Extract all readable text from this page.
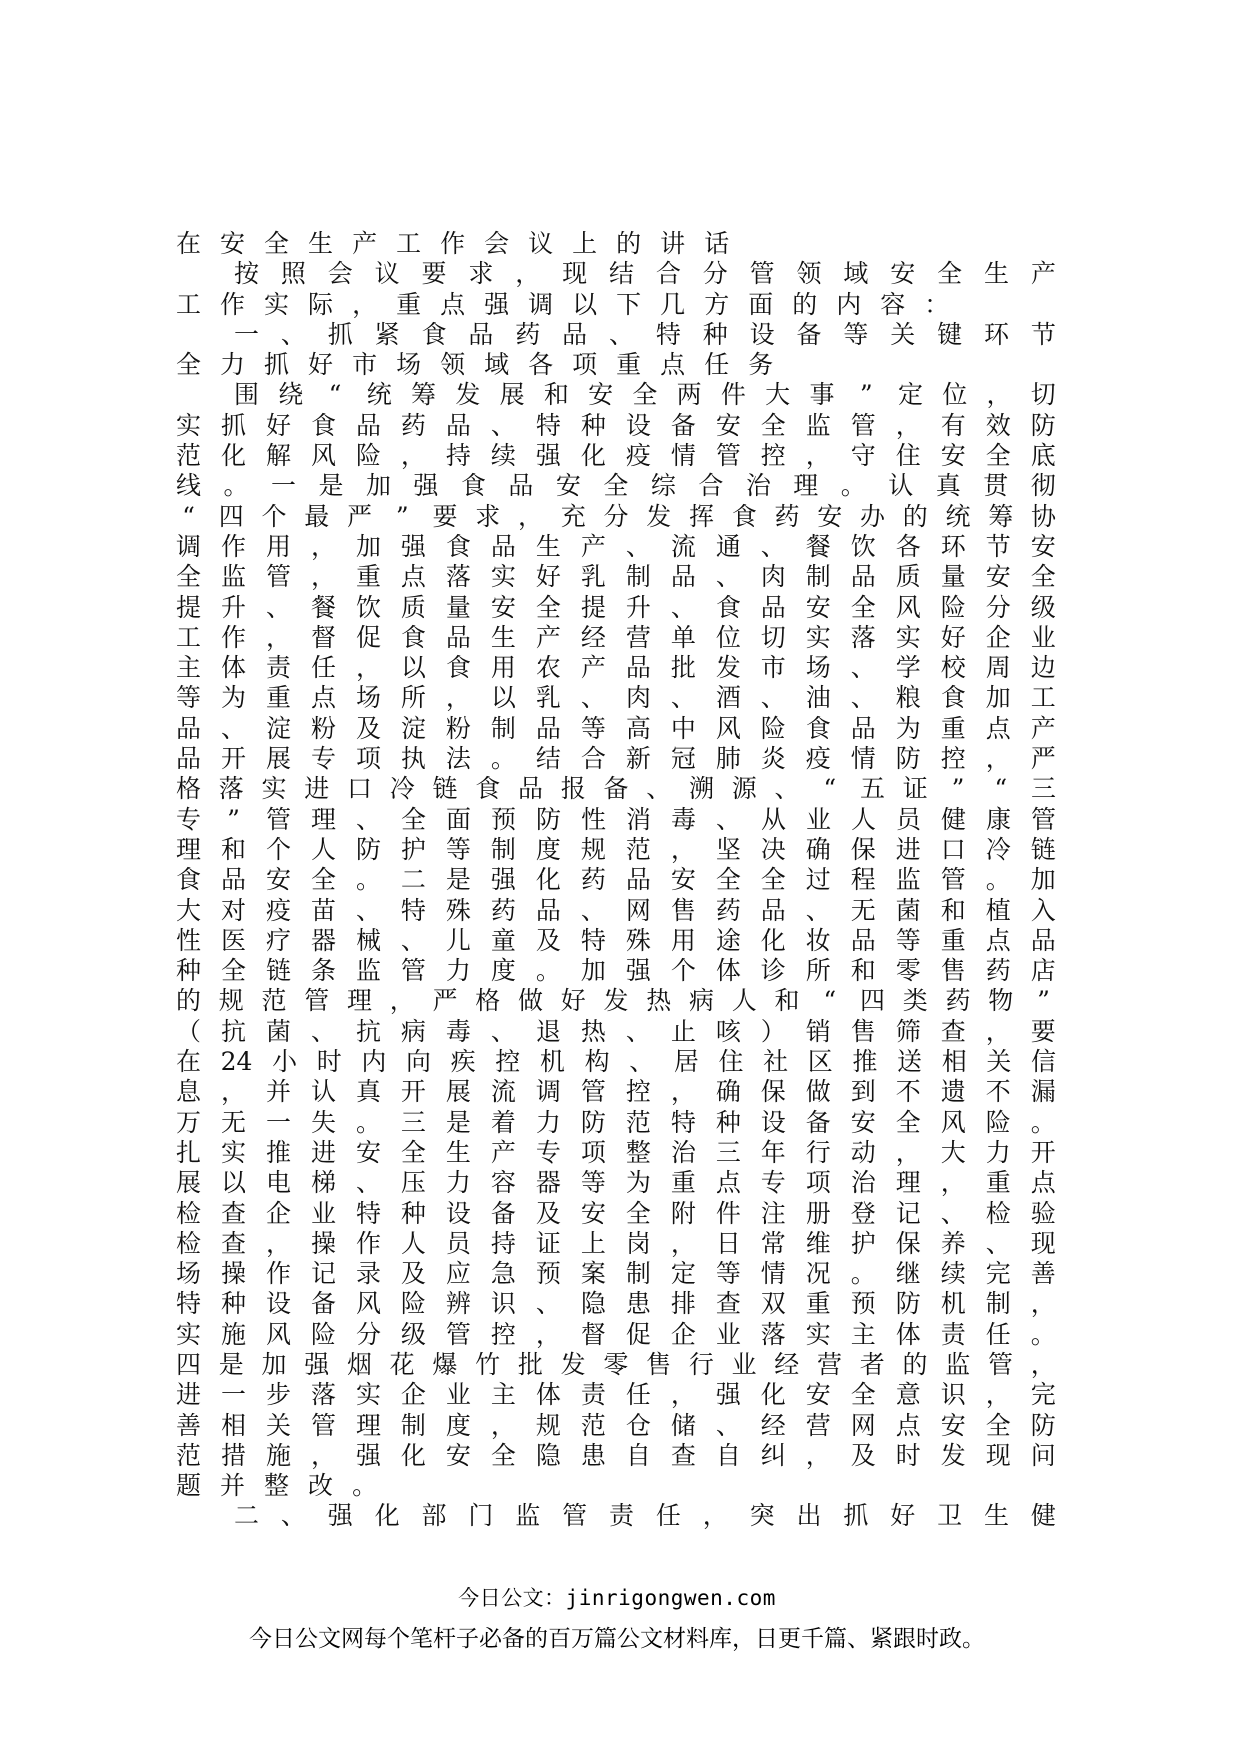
在 安 全 生 产 工 作 会 议 上 的 讲 话
按 照 会 议 要 求 ， 现 结 合 分 管 领 域 安 全 生 产
工 作 实 际 ， 重 点 强 调 以 下 几 方 面 的 内 容 ：
一 、 抓 紧 食 品 药 品 、 特 种 设 备 等 关 键 环 节
全 力 抓 好 市 场 领 域 各 项 重 点 任 务
围 绕 “ 统 筹 发 展 和 安 全 两 件 大 事 ” 定 位 ， 切
实 抓 好 食 品 药 品 、 特 种 设 备 安 全 监 管 ， 有 效 防
范 化 解 风 险 ， 持 续 强 化 疫 情 管 控 ， 守 住 安 全 底
线 。 一 是 加 强 食 品 安 全 综 合 治 理 。 认 真 贯 彻
“ 四 个 最 严 ” 要 求 ， 充 分 发 挥 食 药 安 办 的 统 筹 协
调 作 用 ， 加 强 食 品 生 产 、 流 通 、 餐 饮 各 环 节 安
全 监 管 ， 重 点 落 实 好 乳 制 品 、 肉 制 品 质 量 安 全
提 升 、 餐 饮 质 量 安 全 提 升 、 食 品 安 全 风 险 分 级
工 作 ， 督 促 食 品 生 产 经 营 单 位 切 实 落 实 好 企 业
主 体 责 任 ， 以 食 用 农 产 品 批 发 市 场 、 学 校 周 边
等 为 重 点 场 所 ， 以 乳 、 肉 、 酒 、 油 、 粮 食 加 工
品 、 淀 粉 及 淀 粉 制 品 等 高 中 风 险 食 品 为 重 点 产
品 开 展 专 项 执 法 。 结 合 新 冠 肺 炎 疫 情 防 控 ， 严
格 落 实 进 口 冷 链 食 品 报 备 、 溯 源 、 “ 五 证 ” “ 三
专 ” 管 理 、 全 面 预 防 性 消 毒 、 从 业 人 员 健 康 管
理 和 个 人 防 护 等 制 度 规 范 ， 坚 决 确 保 进 口 冷 链
食 品 安 全 。 二 是 强 化 药 品 安 全 全 过 程 监 管 。 加
大 对 疫 苗 、 特 殊 药 品 、 网 售 药 品 、 无 菌 和 植 入
性 医 疗 器 械 、 儿 童 及 特 殊 用 途 化 妆 品 等 重 点 品
种 全 链 条 监 管 力 度 。 加 强 个 体 诊 所 和 零 售 药 店
的 规 范 管 理 ， 严 格 做 好 发 热 病 人 和 “ 四 类 药 物 ”
（ 抗 菌 、 抗 病 毒 、 退 热 、 止 咳 ） 销 售 筛 查 ， 要
在 24 小 时 内 向 疾 控 机 构 、 居 住 社 区 推 送 相 关 信
息 ， 并 认 真 开 展 流 调 管 控 ， 确 保 做 到 不 遗 不 漏
万 无 一 失 。 三 是 着 力 防 范 特 种 设 备 安 全 风 险 。
扎 实 推 进 安 全 生 产 专 项 整 治 三 年 行 动 ， 大 力 开
展 以 电 梯 、 压 力 容 器 等 为 重 点 专 项 治 理 ， 重 点
检 查 企 业 特 种 设 备 及 安 全 附 件 注 册 登 记 、 检 验
检 查 ， 操 作 人 员 持 证 上 岗 ， 日 常 维 护 保 养 、 现
场 操 作 记 录 及 应 急 预 案 制 定 等 情 况 。 继 续 完 善
特 种 设 备 风 险 辨 识 、 隐 患 排 查 双 重 预 防 机 制 ，
实 施 风 险 分 级 管 控 ， 督 促 企 业 落 实 主 体 责 任 。
四 是 加 强 烟 花 爆 竹 批 发 零 售 行 业 经 营 者 的 监 管 ，
进 一 步 落 实 企 业 主 体 责 任 ， 强 化 安 全 意 识 ， 完
善 相 关 管 理 制 度 ， 规 范 仓 储 、 经 营 网 点 安 全 防
范 措 施 ， 强 化 安 全 隐 患 自 查 自 纠 ， 及 时 发 现 问
题 并 整 改 。
二 、 强 化 部 门 监 管 责 任 ， 突 出 抓 好 卫 生 健
今日公文：jinrigongwen.com
今日公文网每个笔杆子必备的百万篇公文材料库，日更千篇、紧跟时政。
